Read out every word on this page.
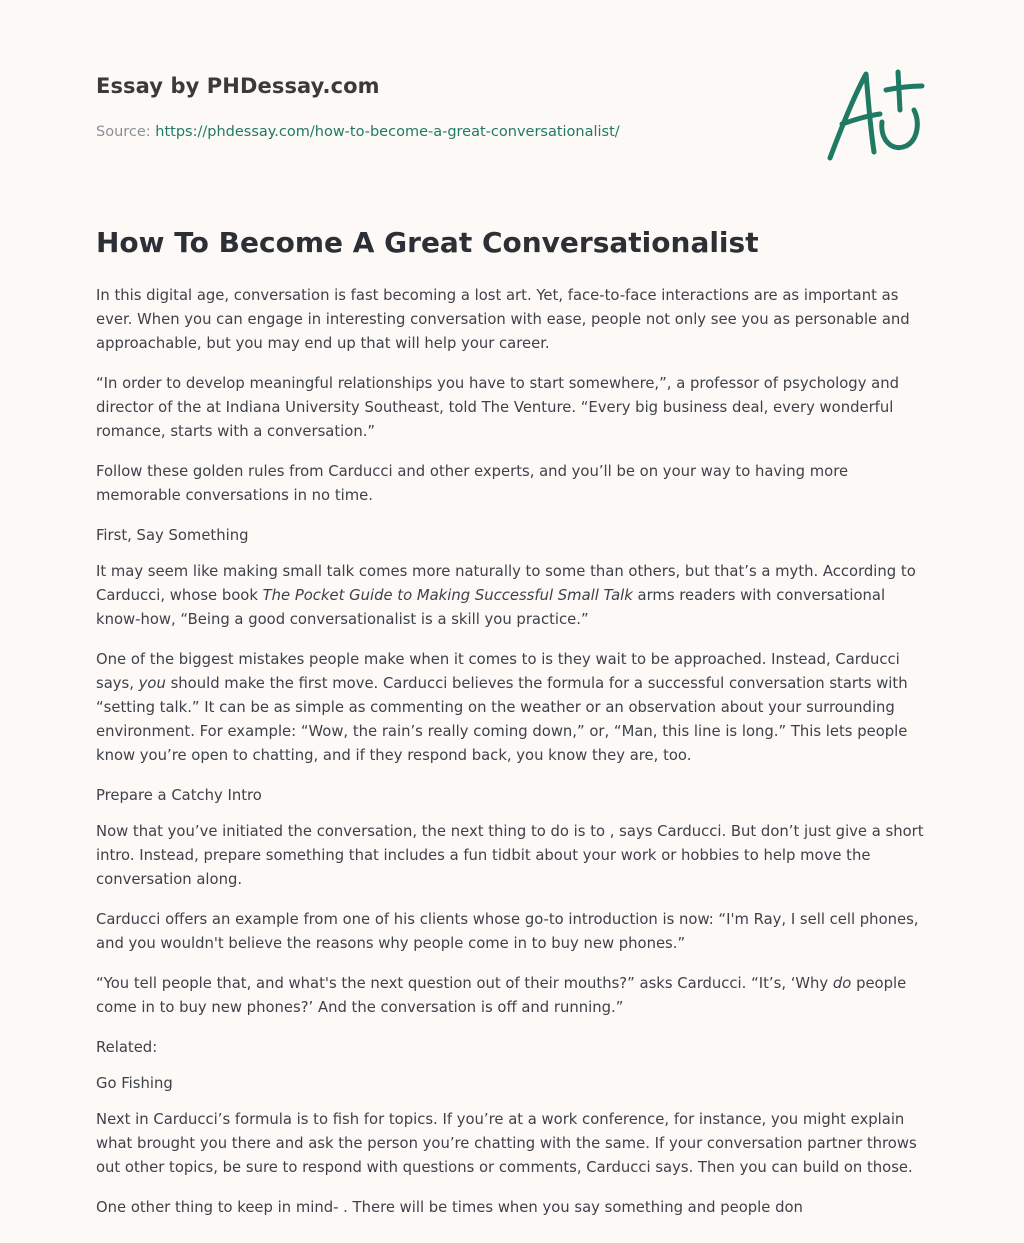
Essay by PHDessay.com
Source: https://phdessay.com/how-to-become-a-great-conversationalist/
How To Become A Great Conversationalist

In this digital age, conversation is fast becoming a lost art. Yet, face-to-face interactions are as important as ever. When you can engage in interesting conversation with ease, people not only see you as personable and approachable, but you may end up that will help your career.

“In order to develop meaningful relationships you have to start somewhere,”, a professor of psychology and director of the at Indiana University Southeast, told The Venture. “Every big business deal, every wonderful romance, starts with a conversation.”

Follow these golden rules from Carducci and other experts, and you’ll be on your way to having more memorable conversations in no time.

First, Say Something

It may seem like making small talk comes more naturally to some than others, but that’s a myth. According to Carducci, whose book The Pocket Guide to Making Successful Small Talk arms readers with conversational know-how, “Being a good conversationalist is a skill you practice.”

One of the biggest mistakes people make when it comes to is they wait to be approached. Instead, Carducci says, you should make the first move. Carducci believes the formula for a successful conversation starts with “setting talk.” It can be as simple as commenting on the weather or an observation about your surrounding environment. For example: “Wow, the rain’s really coming down,” or, “Man, this line is long.” This lets people know you’re open to chatting, and if they respond back, you know they are, too.

Prepare a Catchy Intro

Now that you’ve initiated the conversation, the next thing to do is to , says Carducci. But don’t just give a short intro. Instead, prepare something that includes a fun tidbit about your work or hobbies to help move the conversation along.

Carducci offers an example from one of his clients whose go-to introduction is now: “I'm Ray, I sell cell phones, and you wouldn't believe the reasons why people come in to buy new phones.”

“You tell people that, and what's the next question out of their mouths?” asks Carducci. “It’s, ‘Why do people come in to buy new phones?’ And the conversation is off and running.”

Related:

Go Fishing

Next in Carducci’s formula is to fish for topics. If you’re at a work conference, for instance, you might explain what brought you there and ask the person you’re chatting with the same. If your conversation partner throws out other topics, be sure to respond with questions or comments, Carducci says. Then you can build on those.

One other thing to keep in mind- . There will be times when you say something and people don
